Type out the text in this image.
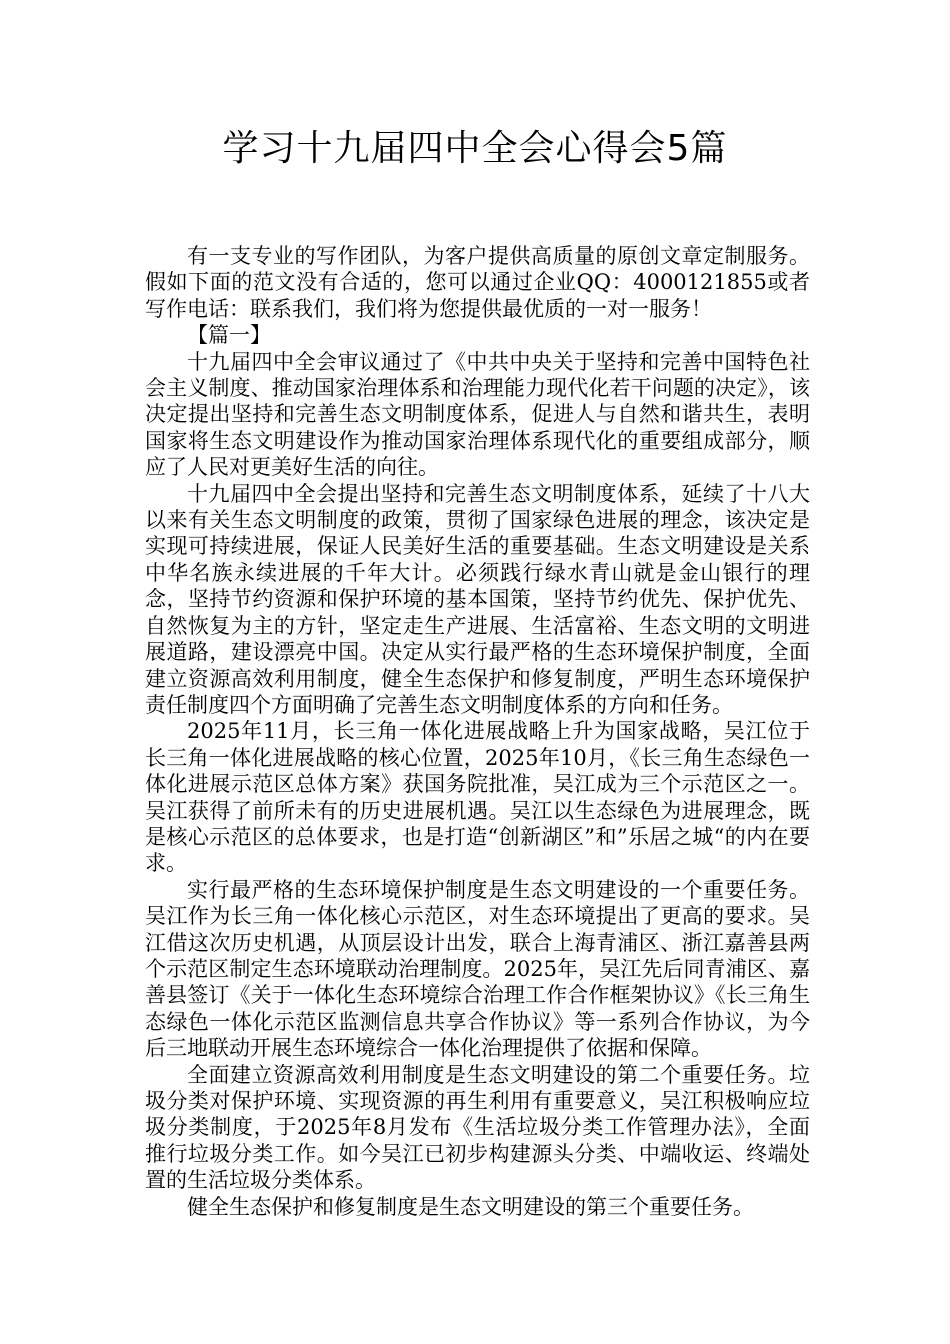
学习十九届四中全会心得会5篇

有一支专业的写作团队，为客户提供高质量的原创文章定制服务。假如下面的范文没有合适的，您可以通过企业QQ：4000121855或者写作电话：联系我们，我们将为您提供最优质的一对一服务！

【篇一】

十九届四中全会审议通过了《中共中央关于坚持和完善中国特色社会主义制度、推动国家治理体系和治理能力现代化若干问题的决定》，该决定提出坚持和完善生态文明制度体系，促进人与自然和谐共生，表明国家将生态文明建设作为推动国家治理体系现代化的重要组成部分，顺应了人民对更美好生活的向往。

十九届四中全会提出坚持和完善生态文明制度体系，延续了十八大以来有关生态文明制度的政策，贯彻了国家绿色进展的理念，该决定是实现可持续进展，保证人民美好生活的重要基础。生态文明建设是关系中华名族永续进展的千年大计。必须践行绿水青山就是金山银行的理念，坚持节约资源和保护环境的基本国策，坚持节约优先、保护优先、自然恢复为主的方针，坚定走生产进展、生活富裕、生态文明的文明进展道路，建设漂亮中国。决定从实行最严格的生态环境保护制度，全面建立资源高效利用制度，健全生态保护和修复制度，严明生态环境保护责任制度四个方面明确了完善生态文明制度体系的方向和任务。

2025年11月，长三角一体化进展战略上升为国家战略，吴江位于长三角一体化进展战略的核心位置，2025年10月，《长三角生态绿色一体化进展示范区总体方案》获国务院批准，吴江成为三个示范区之一。吴江获得了前所未有的历史进展机遇。吴江以生态绿色为进展理念，既是核心示范区的总体要求，也是打造“创新湖区”和”乐居之城“的内在要求。

实行最严格的生态环境保护制度是生态文明建设的一个重要任务。吴江作为长三角一体化核心示范区，对生态环境提出了更高的要求。吴江借这次历史机遇，从顶层设计出发，联合上海青浦区、浙江嘉善县两个示范区制定生态环境联动治理制度。2025年，吴江先后同青浦区、嘉善县签订《关于一体化生态环境综合治理工作合作框架协议》《长三角生态绿色一体化示范区监测信息共享合作协议》等一系列合作协议，为今后三地联动开展生态环境综合一体化治理提供了依据和保障。

全面建立资源高效利用制度是生态文明建设的第二个重要任务。垃圾分类对保护环境、实现资源的再生利用有重要意义，吴江积极响应垃圾分类制度，于2025年8月发布《生活垃圾分类工作管理办法》，全面推行垃圾分类工作。如今吴江已初步构建源头分类、中端收运、终端处置的生活垃圾分类体系。

健全生态保护和修复制度是生态文明建设的第三个重要任务。
